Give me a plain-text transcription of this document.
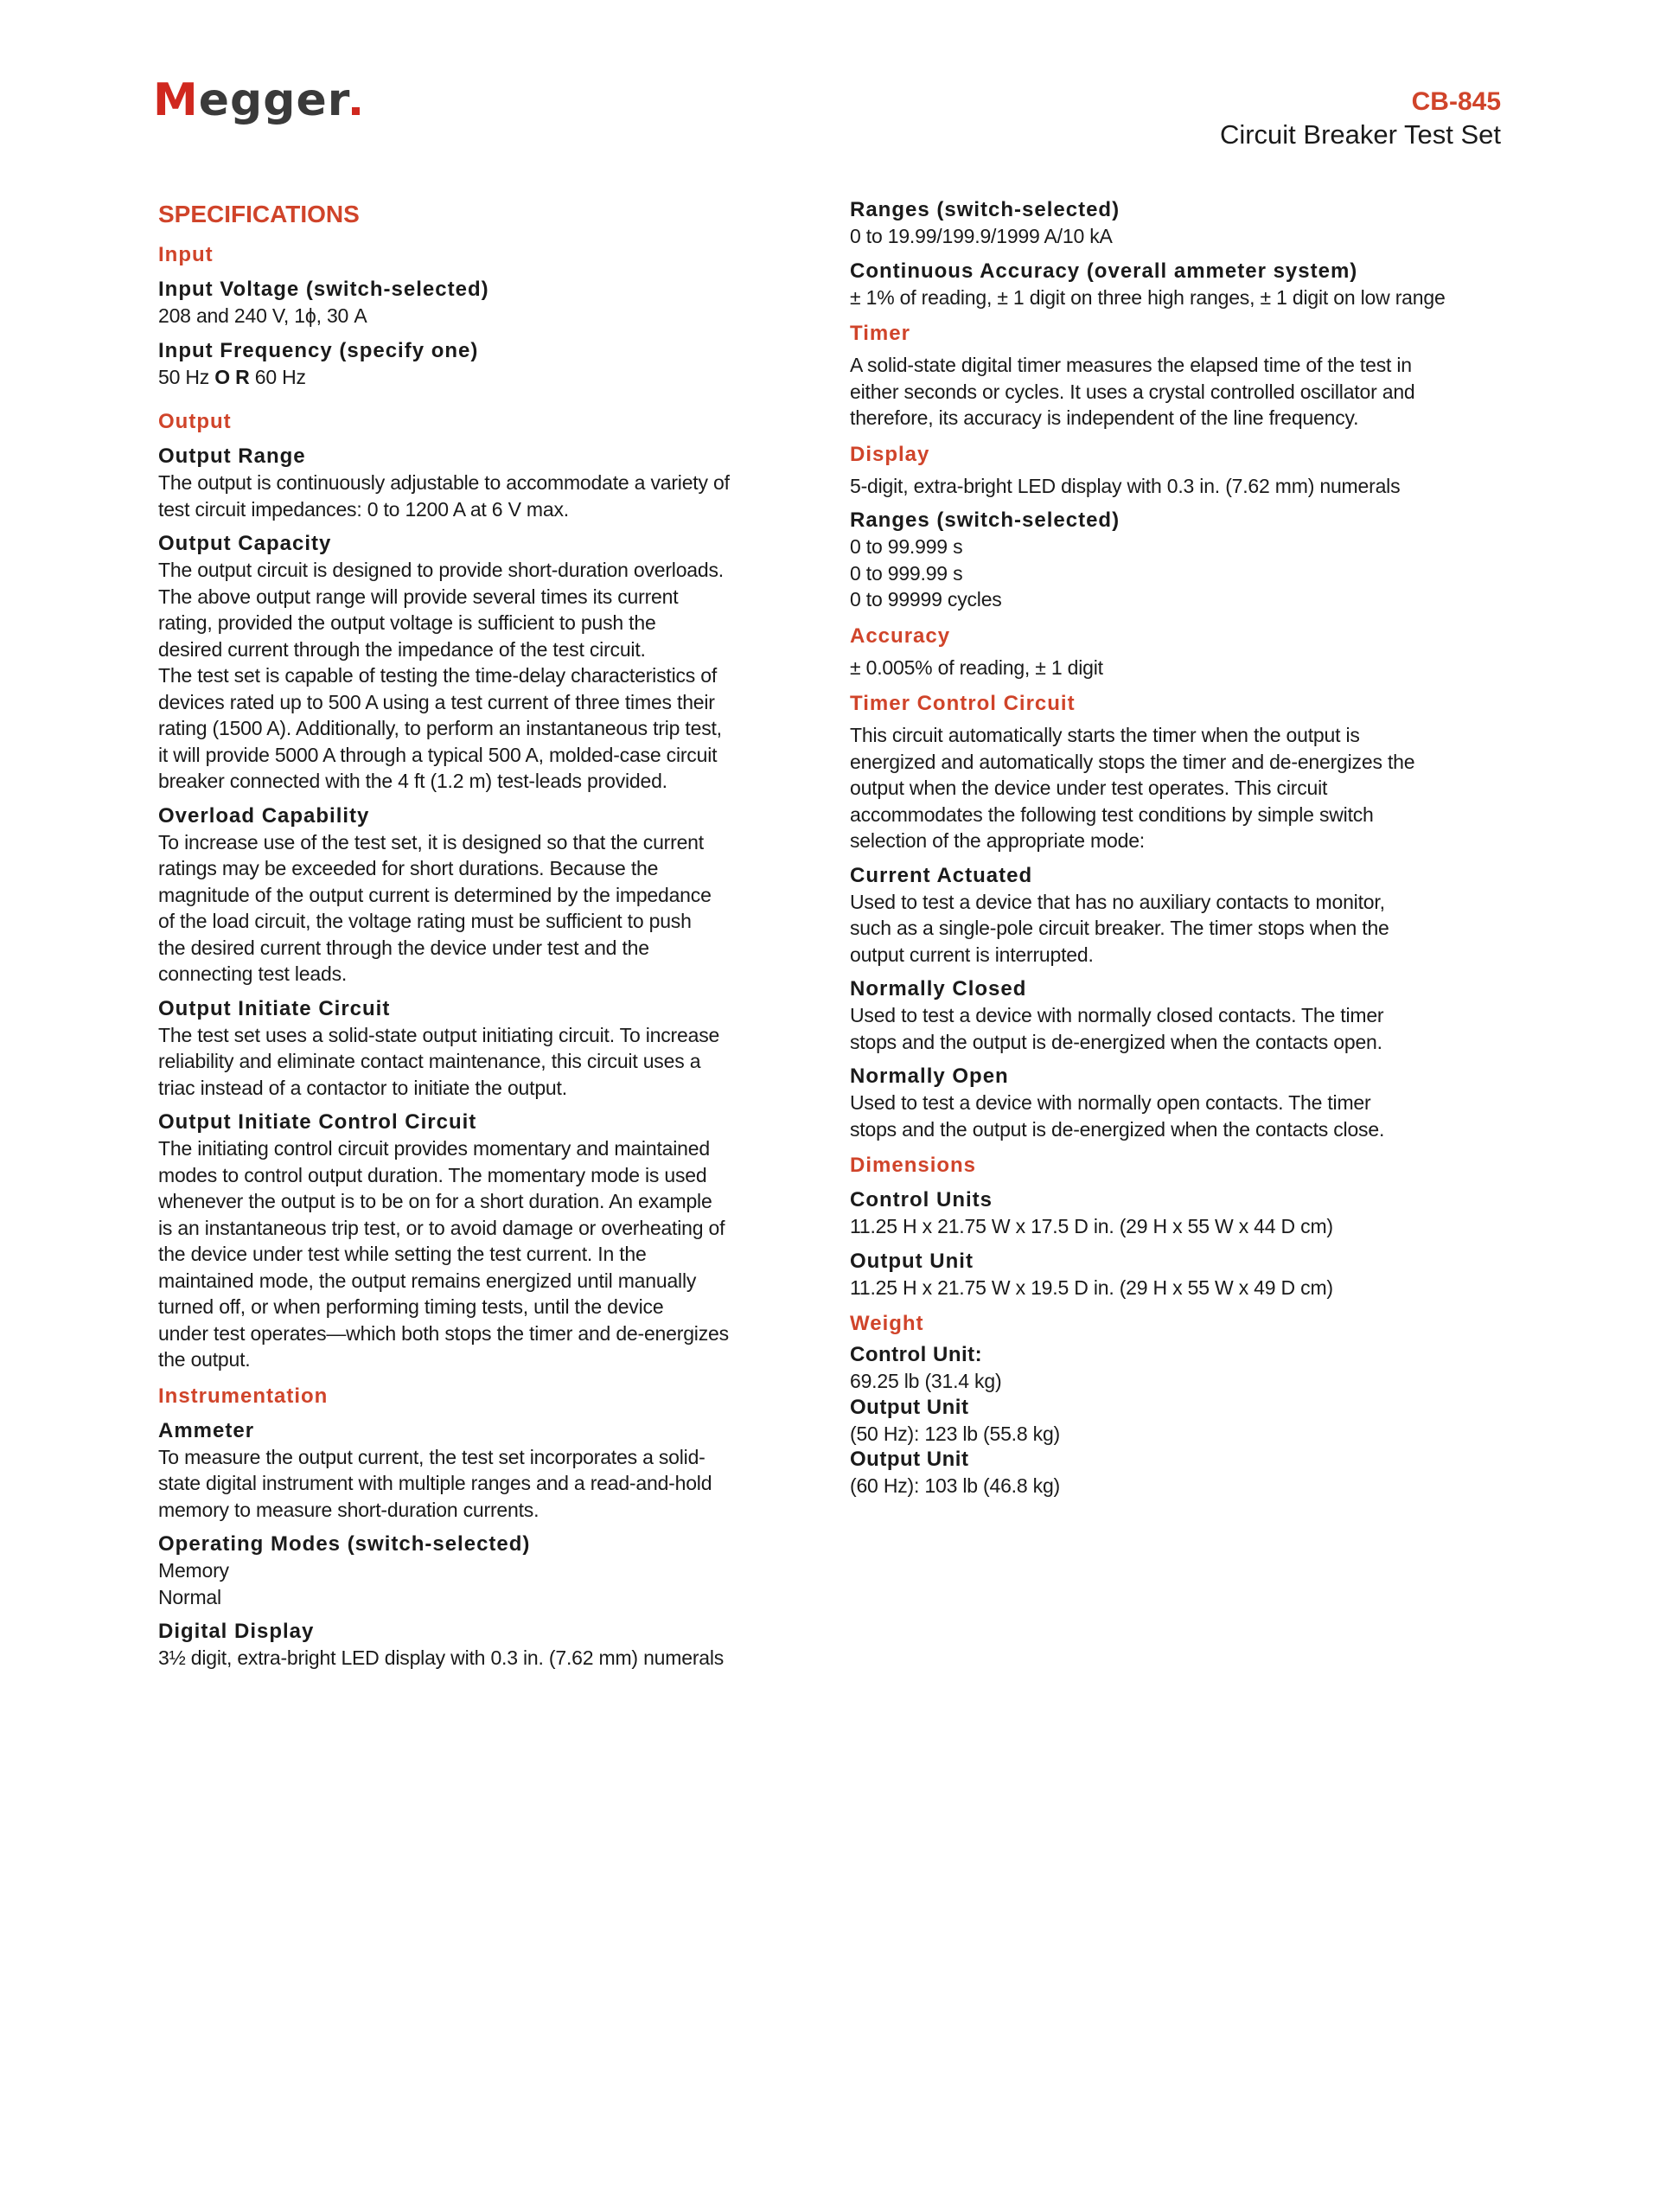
Megger	CB-845
Circuit Breaker Test Set
SPECIFICATIONS
Input
Input Voltage (switch-selected)

208 and 240 V, 1ϕ, 30 A

Input Frequency (specify one)

50 Hz O R 60 Hz

Output
Output Range

The output is continuously adjustable to accommodate a variety of
test circuit impedances: 0 to 1200 A at 6 V max.

Output Capacity

The output circuit is designed to provide short-duration overloads.
The above output range will provide several times its current
rating, provided the output voltage is sufficient to push the
desired current through the impedance of the test circuit.
The test set is capable of testing the time-delay characteristics of
devices rated up to 500 A using a test current of three times their
rating (1500 A). Additionally, to perform an instantaneous trip test,
it will provide 5000 A through a typical 500 A, molded-case circuit
breaker connected with the 4 ft (1.2 m) test-leads provided.

Overload Capability

To increase use of the test set, it is designed so that the current
ratings may be exceeded for short durations. Because the
magnitude of the output current is determined by the impedance
of the load circuit, the voltage rating must be sufficient to push
the desired current through the device under test and the
connecting test leads.

Output Initiate Circuit

The test set uses a solid-state output initiating circuit. To increase
reliability and eliminate contact maintenance, this circuit uses a
triac instead of a contactor to initiate the output.

Output Initiate Control Circuit

The initiating control circuit provides momentary and maintained
modes to control output duration. The momentary mode is used
whenever the output is to be on for a short duration. An example
is an instantaneous trip test, or to avoid damage or overheating of
the device under test while setting the test current. In the
maintained mode, the output remains energized until manually
turned off, or when performing timing tests, until the device
under test operates—which both stops the timer and de-energizes
the output.

Instrumentation
Ammeter

To measure the output current, the test set incorporates a solid-
state digital instrument with multiple ranges and a read-and-hold
memory to measure short-duration currents.

Operating Modes (switch-selected)

Memory
Normal

Digital Display

3½ digit, extra-bright LED display with 0.3 in. (7.62 mm) numerals

Ranges (switch-selected)

0 to 19.99/199.9/1999 A/10 kA

Continuous Accuracy (overall ammeter system)

± 1% of reading, ± 1 digit on three high ranges, ± 1 digit on low range

Timer

A solid-state digital timer measures the elapsed time of the test in
either seconds or cycles. It uses a crystal controlled oscillator and
therefore, its accuracy is independent of the line frequency.

Display

5-digit, extra-bright LED display with 0.3 in. (7.62 mm) numerals

Ranges (switch-selected)

0 to 99.999 s
0 to 999.99 s
0 to 99999 cycles

Accuracy

± 0.005% of reading, ± 1 digit

Timer Control Circuit

This circuit automatically starts the timer when the output is
energized and automatically stops the timer and de-energizes the
output when the device under test operates. This circuit
accommodates the following test conditions by simple switch
selection of the appropriate mode:

Current Actuated

Used to test a device that has no auxiliary contacts to monitor,
such as a single-pole circuit breaker. The timer stops when the
output current is interrupted.

Normally Closed

Used to test a device with normally closed contacts. The timer
stops and the output is de-energized when the contacts open.

Normally Open

Used to test a device with normally open contacts. The timer
stops and the output is de-energized when the contacts close.

Dimensions
Control Units

11.25 H x 21.75 W x 17.5 D in. (29 H x 55 W x 44 D cm)

Output Unit

11.25 H x 21.75 W x 19.5 D in. (29 H x 55 W x 49 D cm)

Weight
Control Unit:

69.25 lb (31.4 kg)

Output Unit

(50 Hz): 123 lb (55.8 kg)

Output Unit

(60 Hz): 103 lb (46.8 kg)
